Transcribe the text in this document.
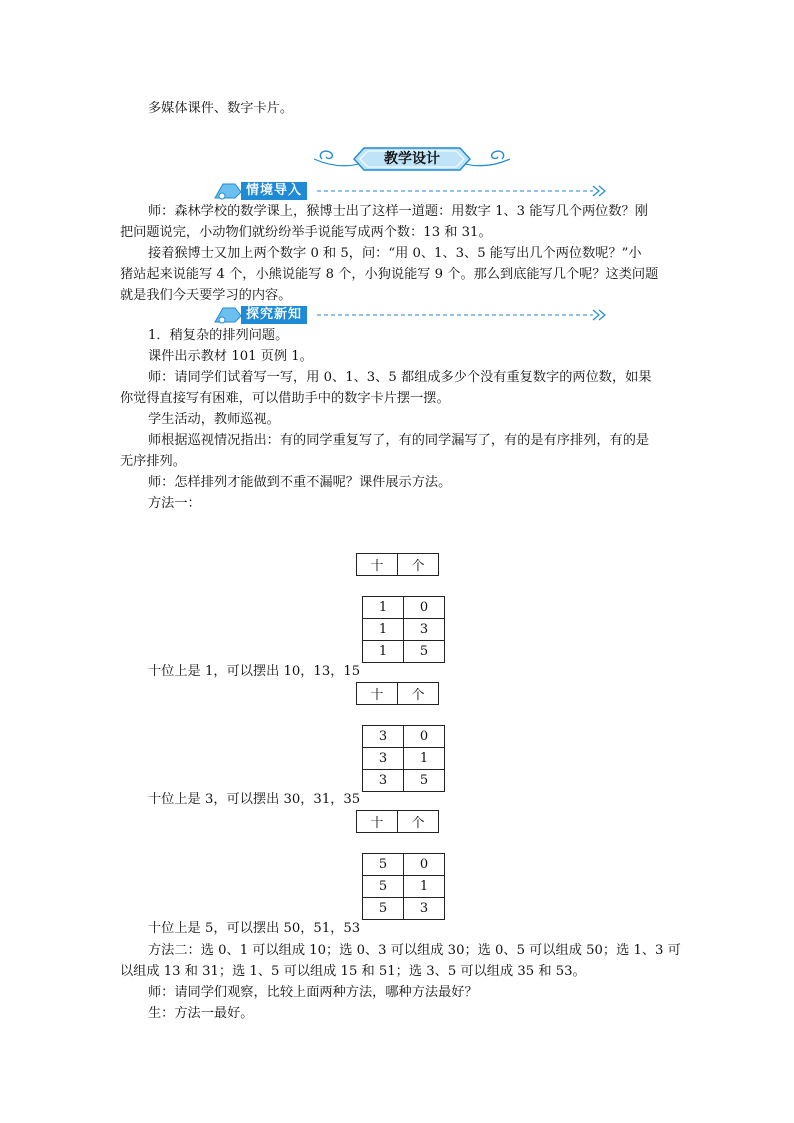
多媒体课件、数字卡片。

教学设计
情境导入

师：森林学校的数学课上，猴博士出了这样一道题：用数字 1、3 能写几个两位数？刚

把问题说完，小动物们就纷纷举手说能写成两个数：13 和 31。

接着猴博士又加上两个数字 0 和 5，问：“用 0、1、3、5 能写出几个两位数呢？”小

猪站起来说能写 4 个，小熊说能写 8 个，小狗说能写 9 个。那么到底能写几个呢？这类问题

就是我们今天要学习的内容。

探究新知

1．稍复杂的排列问题。

课件出示教材 101 页例 1。

师：请同学们试着写一写，用 0、1、3、5 都组成多少个没有重复数字的两位数，如果

你觉得直接写有困难，可以借助手中的数字卡片摆一摆。

学生活动，教师巡视。

师根据巡视情况指出：有的同学重复写了，有的同学漏写了，有的是有序排列，有的是

无序排列。

师：怎样排列才能做到不重不漏呢？课件展示方法。

方法一：

十	个
1	0
1	3
1	5

十位上是 1，可以摆出 10，13，15

十	个
3	0
3	1
3	5

十位上是 3，可以摆出 30，31，35

十	个
5	0
5	1
5	3

十位上是 5，可以摆出 50，51，53

方法二：选 0、1 可以组成 10；选 0、3 可以组成 30；选 0、5 可以组成 50；选 1、3 可

以组成 13 和 31；选 1、5 可以组成 15 和 51；选 3、5 可以组成 35 和 53。

师：请同学们观察，比较上面两种方法，哪种方法最好？

生：方法一最好。
